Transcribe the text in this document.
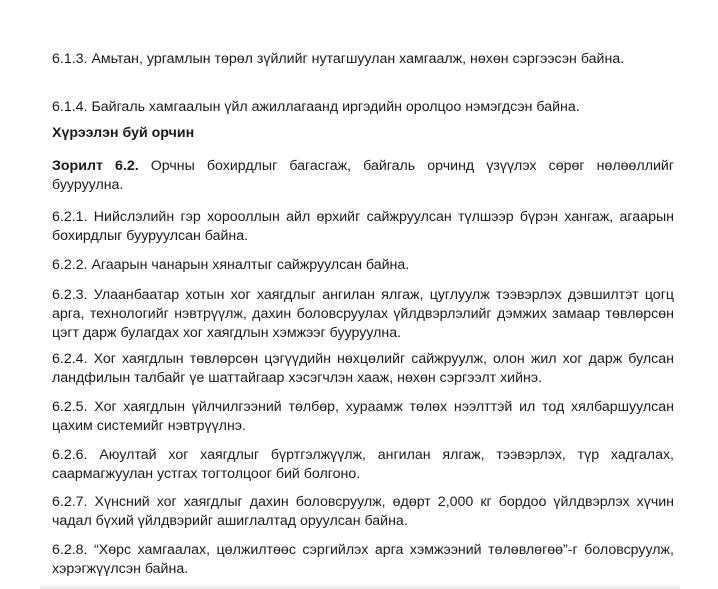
6.1.3. Амьтан, ургамлын төрөл зүйлийг нутагшуулан хамгаалж, нөхөн сэргээсэн байна.

6.1.4. Байгаль хамгаалын үйл ажиллагаанд иргэдийн оролцоо нэмэгдсэн байна.

Хүрээлэн буй орчин

Зорилт 6.2. Орчны бохирдлыг багасгаж, байгаль орчинд үзүүлэх сөрөг нөлөөллийг бууруулна.

6.2.1. Нийслэлийн гэр хорооллын айл өрхийг сайжруулсан түлшээр бүрэн хангаж, агаарын бохирдлыг бууруулсан байна.

6.2.2. Агаарын чанарын хяналтыг сайжруулсан байна.

6.2.3. Улаанбаатар хотын хог хаягдлыг ангилан ялгаж, цуглуулж тээвэрлэх дэвшилтэт цогц арга, технологийг нэвтрүүлж, дахин боловсруулах үйлдвэрлэлийг дэмжих замаар төвлөрсөн цэгт дарж булагдах хог хаягдлын хэмжээг бууруулна.

6.2.4. Хог хаягдлын төвлөрсөн цэгүүдийн нөхцөлийг сайжруулж, олон жил хог дарж булсан ландфилын талбайг үе шаттайгаар хэсэгчлэн хааж, нөхөн сэргээлт хийнэ.

6.2.5. Хог хаягдлын үйлчилгээний төлбөр, хураамж төлөх нээлттэй ил тод хялбаршуулсан цахим системийг нэвтрүүлнэ.

6.2.6. Аюултай хог хаягдлыг бүртгэлжүүлж, ангилан ялгаж, тээвэрлэх, түр хадгалах, саармагжуулан устгах тогтолцоог бий болгоно.

6.2.7. Хүнсний хог хаягдлыг дахин боловсруулж, өдөрт 2,000 кг бордоо үйлдвэрлэх хүчин чадал бүхий үйлдвэрийг ашиглалтад оруулсан байна.

6.2.8. “Хөрс хамгаалах, цөлжилтөөс сэргийлэх арга хэмжээний төлөвлөгөө”-г боловсруулж, хэрэгжүүлсэн байна.
